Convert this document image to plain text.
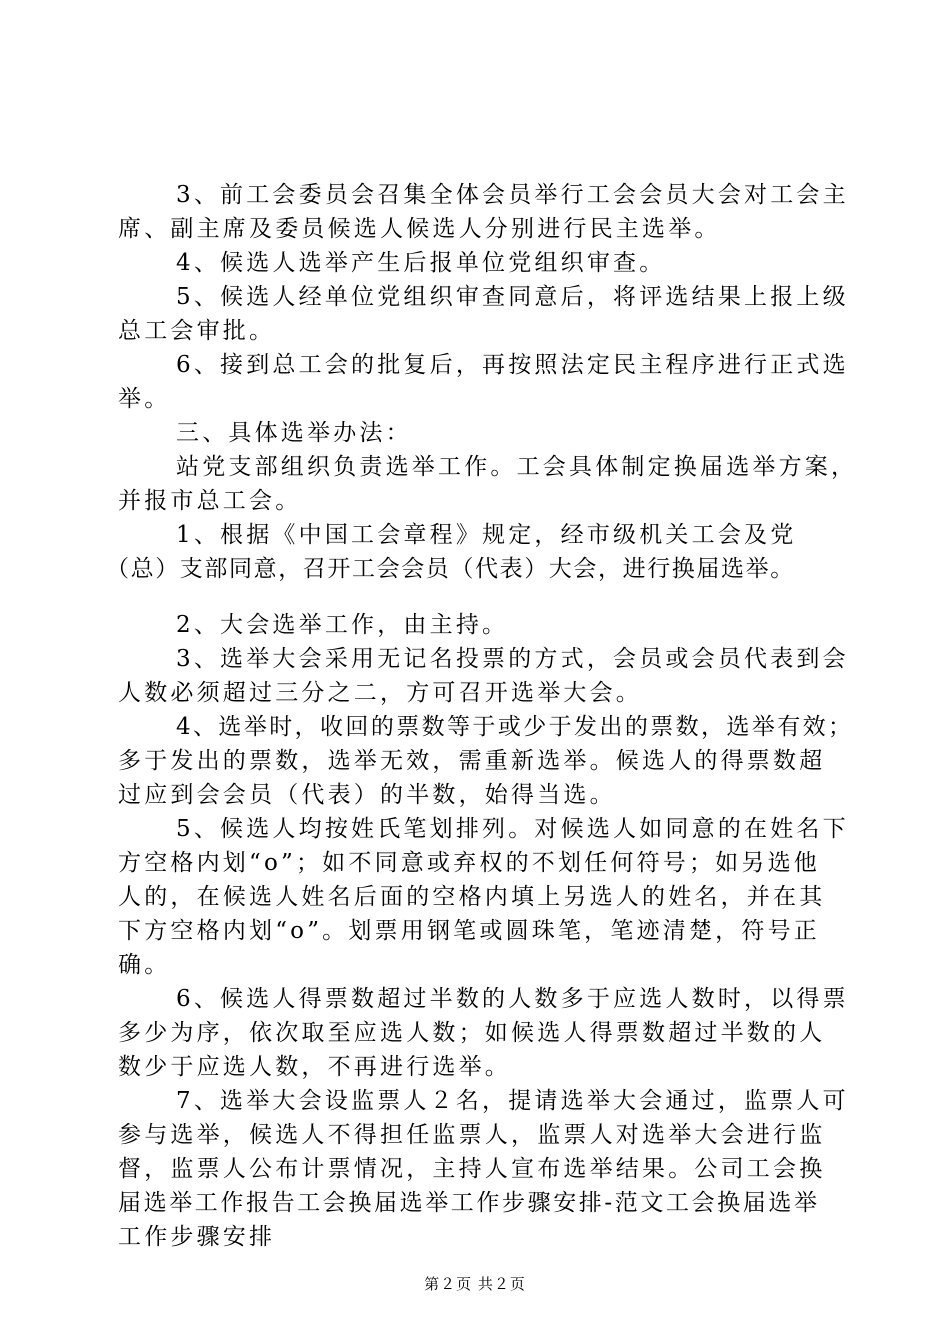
3、前工会委员会召集全体会员举行工会会员大会对工会主
席、副主席及委员候选人候选人分别进行民主选举。
4、候选人选举产生后报单位党组织审查。
5、候选人经单位党组织审查同意后，将评选结果上报上级
总工会审批。
6、接到总工会的批复后，再按照法定民主程序进行正式选
举。
三、具体选举办法：
站党支部组织负责选举工作。工会具体制定换届选举方案，
并报市总工会。
1、根据《中国工会章程》规定，经市级机关工会及党
（总）支部同意，召开工会会员（代表）大会，进行换届选举。
2、大会选举工作，由主持。
3、选举大会采用无记名投票的方式，会员或会员代表到会
人数必须超过三分之二，方可召开选举大会。
4、选举时，收回的票数等于或少于发出的票数，选举有效；
多于发出的票数，选举无效，需重新选举。候选人的得票数超
过应到会会员（代表）的半数，始得当选。
5、候选人均按姓氏笔划排列。对候选人如同意的在姓名下
方空格内划“o”；如不同意或弃权的不划任何符号；如另选他
人的，在候选人姓名后面的空格内填上另选人的姓名，并在其
下方空格内划“o”。划票用钢笔或圆珠笔，笔迹清楚，符号正
确。
6、候选人得票数超过半数的人数多于应选人数时，以得票
多少为序，依次取至应选人数；如候选人得票数超过半数的人
数少于应选人数，不再进行选举。
7、选举大会设监票人２名，提请选举大会通过，监票人可
参与选举，候选人不得担任监票人，监票人对选举大会进行监
督，监票人公布计票情况，主持人宣布选举结果。公司工会换
届选举工作报告工会换届选举工作步骤安排-范文工会换届选举
工作步骤安排
第２页 共２页
